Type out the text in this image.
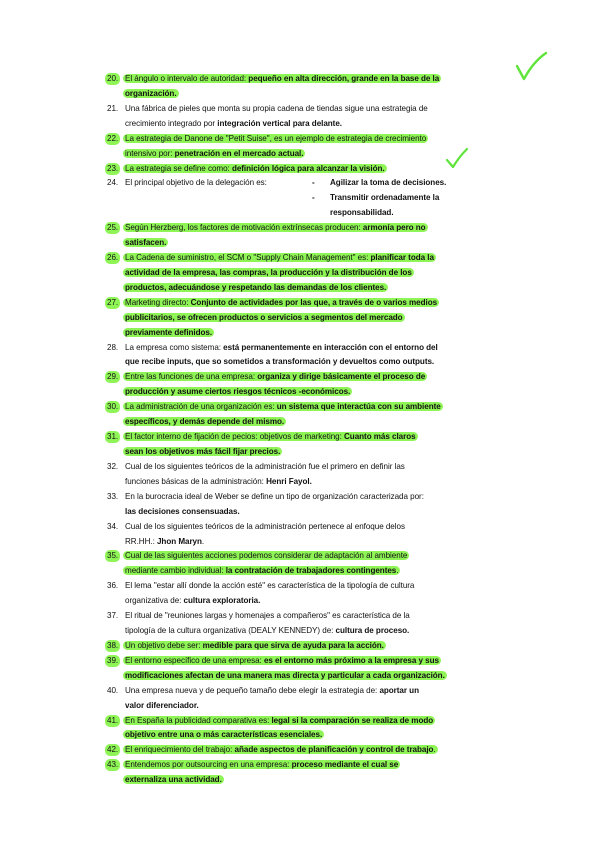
20. El ángulo o intervalo de autoridad: pequeño en alta dirección, grande en la base de la
organización.
21. Una fábrica de pieles que monta su propia cadena de tiendas sigue una estrategia de
crecimiento integrado por integración vertical para delante.
22. La estrategia de Danone de "Petit Suise", es un ejemplo de estrategia de crecimiento
intensivo por: penetración en el mercado actual.
23. La estrategia se define como: definición lógica para alcanzar la visión.
24. El principal objetivo de la delegación es:	- Agilizar la toma de decisiones.
- Transmitir ordenadamente la
responsabilidad.
25. Según Herzberg, los factores de motivación extrínsecas producen: armonía pero no
satisfacen.
26. La Cadena de suministro, el SCM o "Supply Chain Management" es: planificar toda la
actividad de la empresa, las compras, la producción y la distribución de los
productos, adecuándose y respetando las demandas de los clientes.
27. Marketing directo: Conjunto de actividades por las que, a través de o varios medios
publicitarios, se ofrecen productos o servicios a segmentos del mercado
previamente definidos.
28. La empresa como sistema: está permanentemente en interacción con el entorno del
que recibe inputs, que so sometidos a transformación y devueltos como outputs.
29. Entre las funciones de una empresa: organiza y dirige básicamente el proceso de
producción y asume ciertos riesgos técnicos -económicos.
30. La administración de una organización es: un sistema que interactúa con su ambiente
específicos, y demás depende del mismo.
31. El factor interno de fijación de pecios: objetivos de marketing: Cuanto más claros
sean los objetivos más fácil fijar precios.
32. Cual de los siguientes teóricos de la administración fue el primero en definir las
funciones básicas de la administración: Henri Fayol.
33. En la burocracia ideal de Weber se define un tipo de organización caracterizada por:
las decisiones consensuadas.
34. Cual de los siguientes teóricos de la administración pertenece al enfoque delos
RR.HH.: Jhon Maryn.
35. Cual de las siguientes acciones podemos considerar de adaptación al ambiente
mediante cambio individual: la contratación de trabajadores contingentes.
36. El lema "estar allí donde la acción esté" es característica de la tipología de cultura
organizativa de: cultura exploratoria.
37. El ritual de "reuniones largas y homenajes a compañeros" es característica de la
tipología de la cultura organizativa (DEALY KENNEDY) de: cultura de proceso.
38. Un objetivo debe ser: medible para que sirva de ayuda para la acción.
39. El entorno específico de una empresa: es el entorno más próximo a la empresa y sus
modificaciones afectan de una manera mas directa y particular a cada organización.
40. Una empresa nueva y de pequeño tamaño debe elegir la estrategia de: aportar un
valor diferenciador.
41. En España la publicidad comparativa es: legal si la comparación se realiza de modo
objetivo entre una o más características esenciales.
42. El enriquecimiento del trabajo: añade aspectos de planificación y control de trabajo.
43. Entendemos por outsourcing en una empresa: proceso mediante el cual se
externaliza una actividad.
